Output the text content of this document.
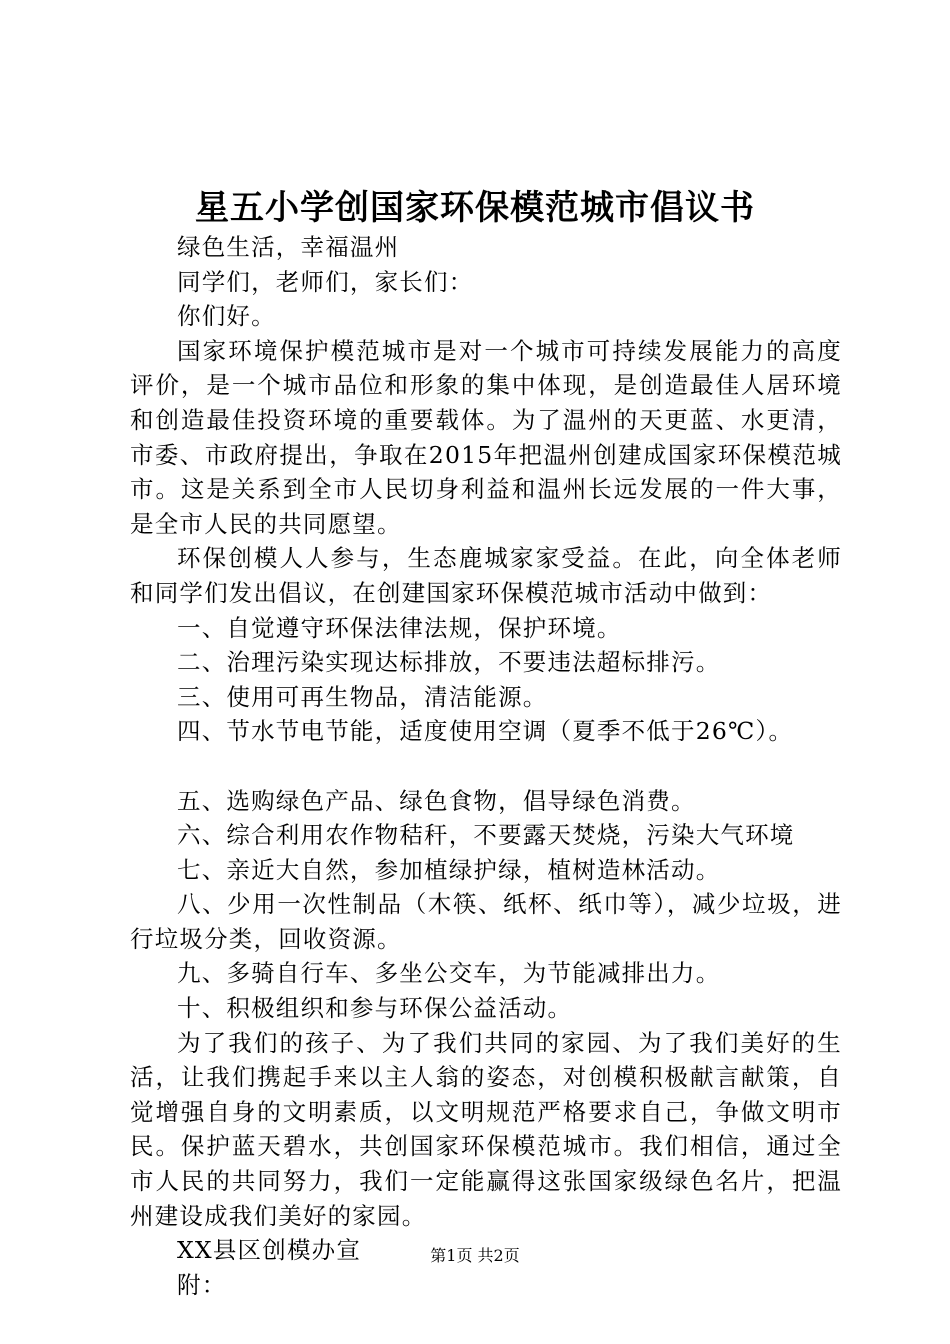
星五小学创国家环保模范城市倡议书

绿色生活，幸福温州

同学们，老师们，家长们：

你们好。

国家环境保护模范城市是对一个城市可持续发展能力的高度评价，是一个城市品位和形象的集中体现，是创造最佳人居环境和创造最佳投资环境的重要载体。为了温州的天更蓝、水更清，市委、市政府提出，争取在2015年把温州创建成国家环保模范城市。这是关系到全市人民切身利益和温州长远发展的一件大事，是全市人民的共同愿望。

环保创模人人参与，生态鹿城家家受益。在此，向全体老师和同学们发出倡议，在创建国家环保模范城市活动中做到：

一、自觉遵守环保法律法规，保护环境。

二、治理污染实现达标排放，不要违法超标排污。

三、使用可再生物品，清洁能源。

四、节水节电节能，适度使用空调（夏季不低于26℃）。

五、选购绿色产品、绿色食物，倡导绿色消费。

六、综合利用农作物秸秆，不要露天焚烧，污染大气环境

七、亲近大自然，参加植绿护绿，植树造林活动。

八、少用一次性制品（木筷、纸杯、纸巾等），减少垃圾，进行垃圾分类，回收资源。

九、多骑自行车、多坐公交车，为节能减排出力。

十、积极组织和参与环保公益活动。

为了我们的孩子、为了我们共同的家园、为了我们美好的生活，让我们携起手来以主人翁的姿态，对创模积极献言献策，自觉增强自身的文明素质，以文明规范严格要求自己，争做文明市民。保护蓝天碧水，共创国家环保模范城市。我们相信，通过全市人民的共同努力，我们一定能赢得这张国家级绿色名片，把温州建设成我们美好的家园。

XX县区创模办宣

附：

第1页 共2页
